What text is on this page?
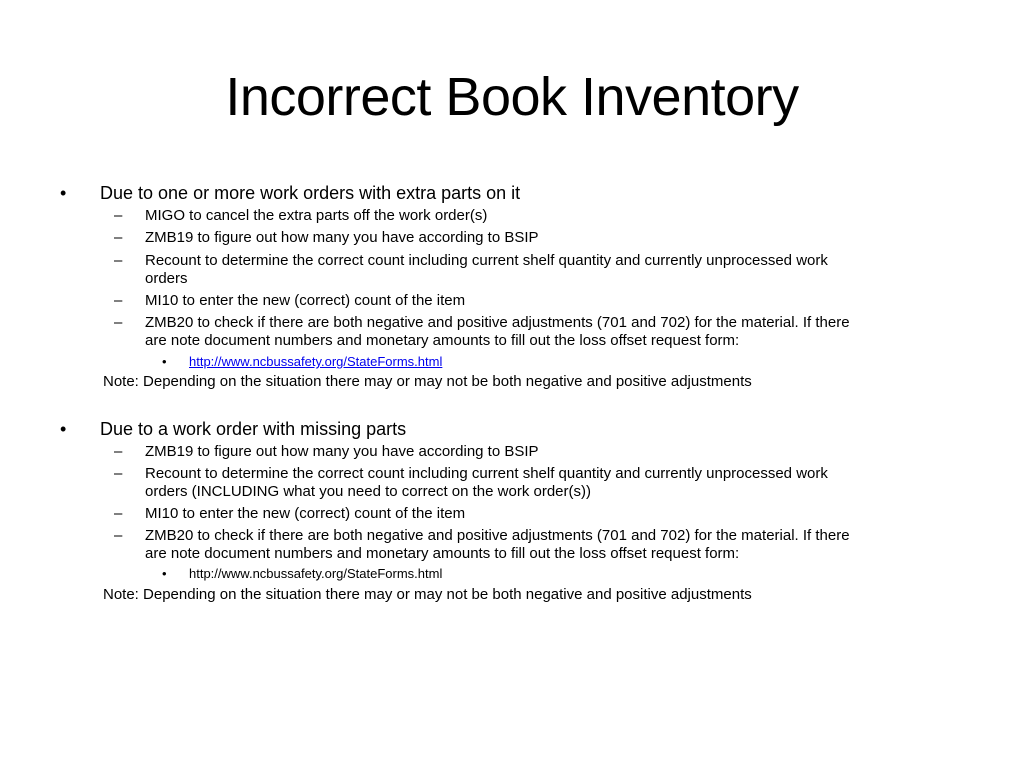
Incorrect Book Inventory
• Due to one or more work orders with extra parts on it
– MIGO to cancel the extra parts off the work order(s)
– ZMB19 to figure out how many you have according to BSIP
– Recount to determine the correct count including current shelf quantity and currently unprocessed work
orders
– MI10 to enter the new (correct) count of the item
– ZMB20 to check if there are both negative and positive adjustments (701 and 702) for the material. If there
are note document numbers and monetary amounts to fill out the loss offset request form:
• http://www.ncbussafety.org/StateForms.html
Note: Depending on the situation there may or may not be both negative and positive adjustments
• Due to a work order with missing parts
– ZMB19 to figure out how many you have according to BSIP
– Recount to determine the correct count including current shelf quantity and currently unprocessed work
orders (INCLUDING what you need to correct on the work order(s))
– MI10 to enter the new (correct) count of the item
– ZMB20 to check if there are both negative and positive adjustments (701 and 702) for the material. If there
are note document numbers and monetary amounts to fill out the loss offset request form:
• http://www.ncbussafety.org/StateForms.html
Note: Depending on the situation there may or may not be both negative and positive adjustments
